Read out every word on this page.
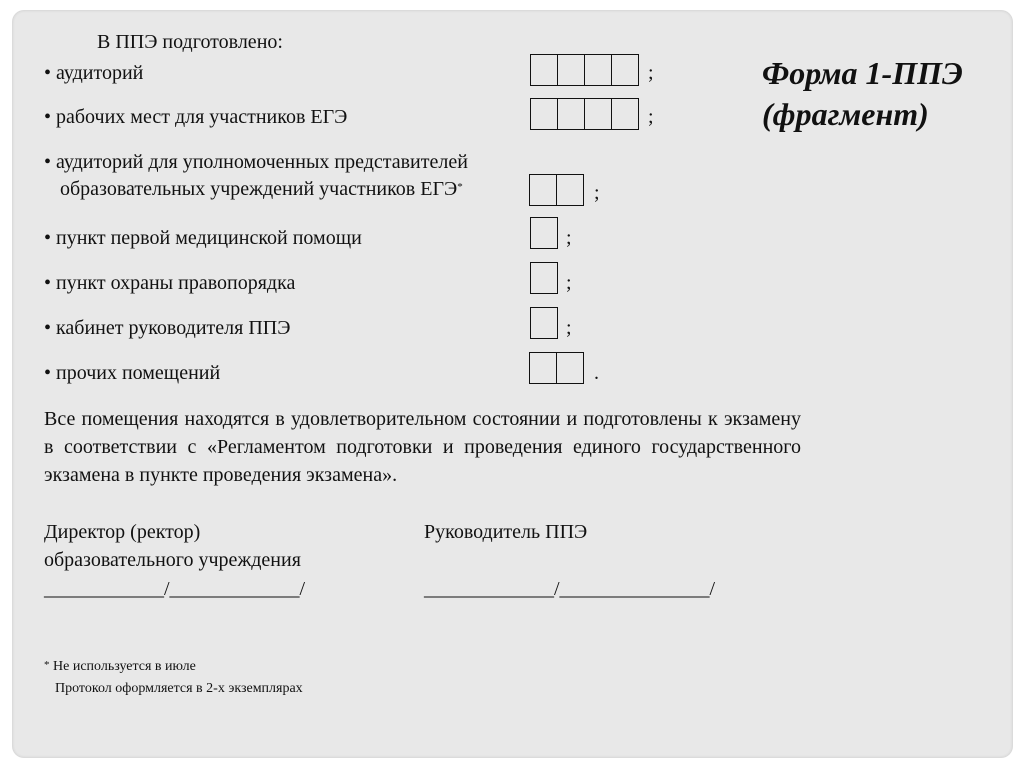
В ППЭ подготовлено:
Форма 1-ППЭ
(фрагмент)
• аудиторий	;
• рабочих мест для участников ЕГЭ	;
• аудиторий для уполномоченных представителей
образовательных учреждений участников ЕГЭ*	;
• пункт первой медицинской помощи	;
• пункт охраны правопорядка	;
• кабинет руководителя ППЭ	;
• прочих помещений	.
Все помещения находятся в удовлетворительном состоянии и подготовлены к экзамену в соответствии с «Регламентом подготовки и проведения единого государственного экзамена в пункте проведения экзамена».
Директор (ректор)
образовательного учреждения
____________/_____________/
Руководитель ППЭ
_____________/_______________/
* Не используется в июле
Протокол оформляется в 2-х экземплярах
